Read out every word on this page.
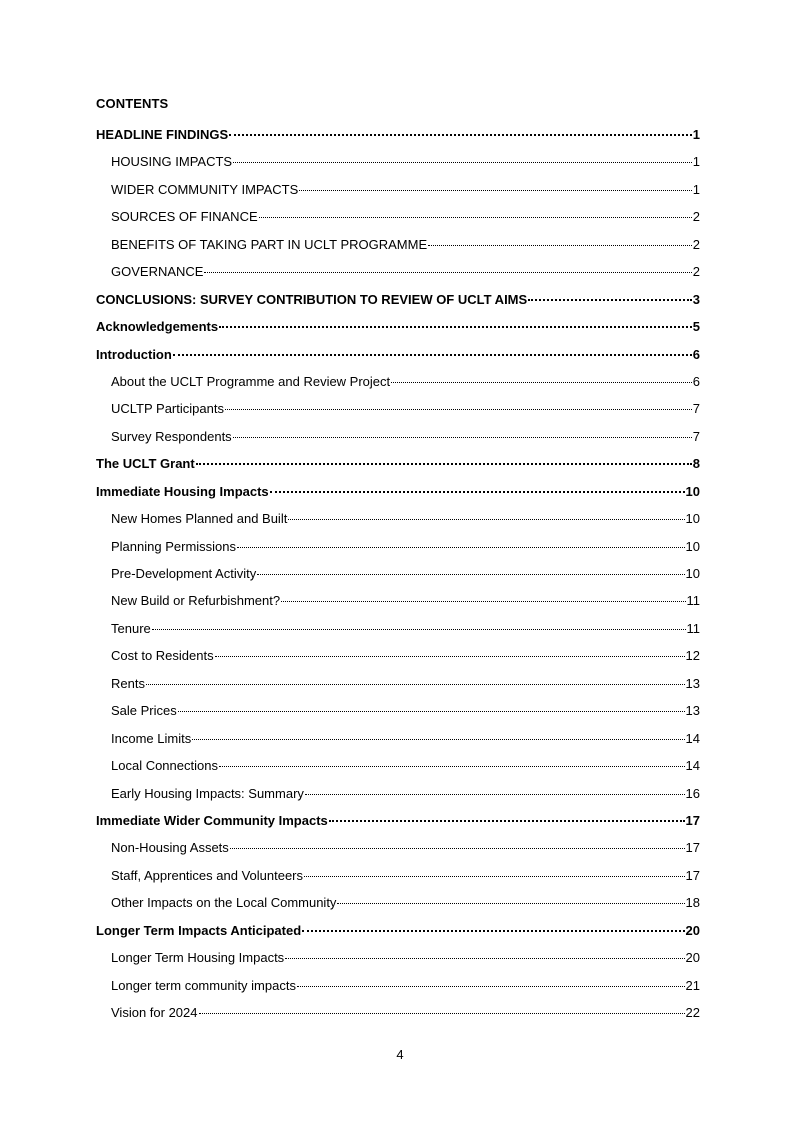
CONTENTS
HEADLINE FINDINGS	1
HOUSING IMPACTS	1
WIDER COMMUNITY IMPACTS	1
SOURCES OF FINANCE	2
BENEFITS OF TAKING PART IN UCLT PROGRAMME	2
GOVERNANCE	2
CONCLUSIONS: SURVEY CONTRIBUTION TO REVIEW OF UCLT AIMS	3
Acknowledgements	5
Introduction	6
About the UCLT Programme and Review Project	6
UCLTP Participants	7
Survey Respondents	7
The UCLT Grant	8
Immediate Housing Impacts	10
New Homes Planned and Built	10
Planning Permissions	10
Pre-Development Activity	10
New Build or Refurbishment?	11
Tenure	11
Cost to Residents	12
Rents	13
Sale Prices	13
Income Limits	14
Local Connections	14
Early Housing Impacts: Summary	16
Immediate Wider Community Impacts	17
Non-Housing Assets	17
Staff, Apprentices and Volunteers	17
Other Impacts on the Local Community	18
Longer Term Impacts Anticipated	20
Longer Term Housing Impacts	20
Longer term community impacts	21
Vision for 2024	22
4
